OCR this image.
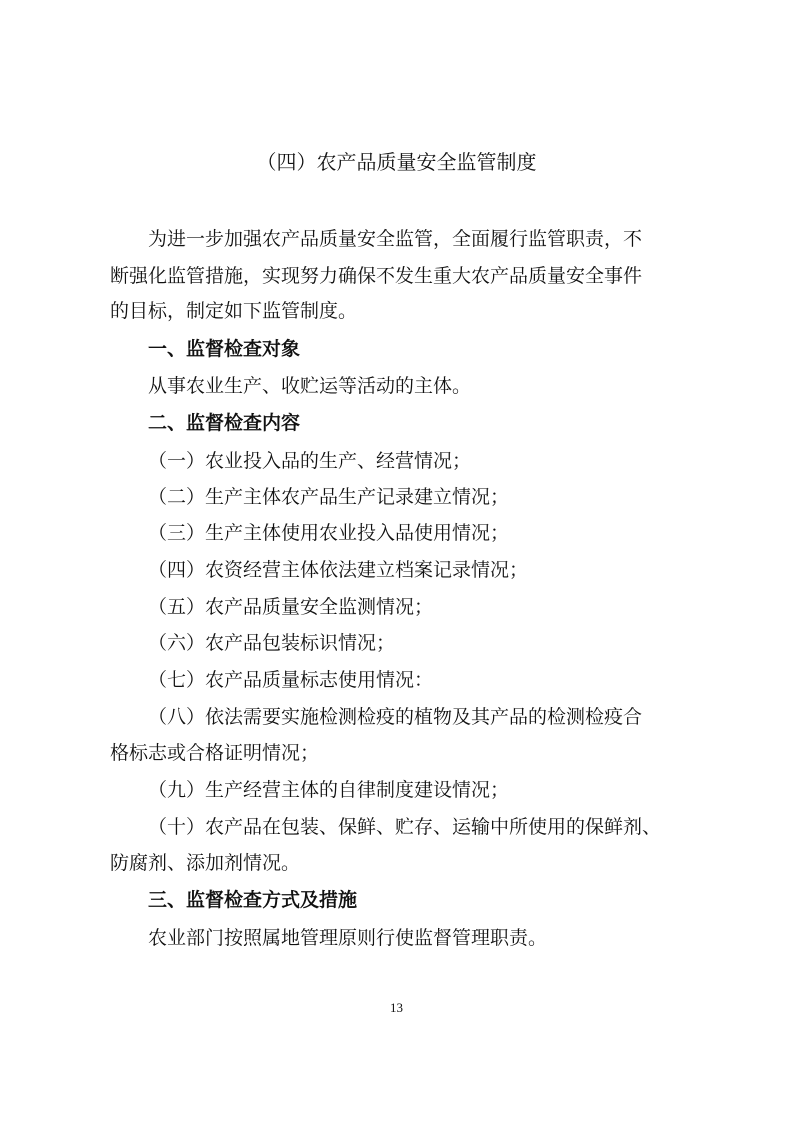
（四）农产品质量安全监管制度

为进一步加强农产品质量安全监管，全面履行监管职责，不

断强化监管措施，实现努力确保不发生重大农产品质量安全事件

的目标，制定如下监管制度。

一、监督检查对象

从事农业生产、收贮运等活动的主体。

二、监督检查内容

（一）农业投入品的生产、经营情况；

（二）生产主体农产品生产记录建立情况；

（三）生产主体使用农业投入品使用情况；

（四）农资经营主体依法建立档案记录情况；

（五）农产品质量安全监测情况；

（六）农产品包装标识情况；

（七）农产品质量标志使用情况：

（八）依法需要实施检测检疫的植物及其产品的检测检疫合

格标志或合格证明情况；

（九）生产经营主体的自律制度建设情况；

（十）农产品在包装、保鲜、贮存、运输中所使用的保鲜剂、

防腐剂、添加剂情况。

三、监督检查方式及措施

农业部门按照属地管理原则行使监督管理职责。

13
